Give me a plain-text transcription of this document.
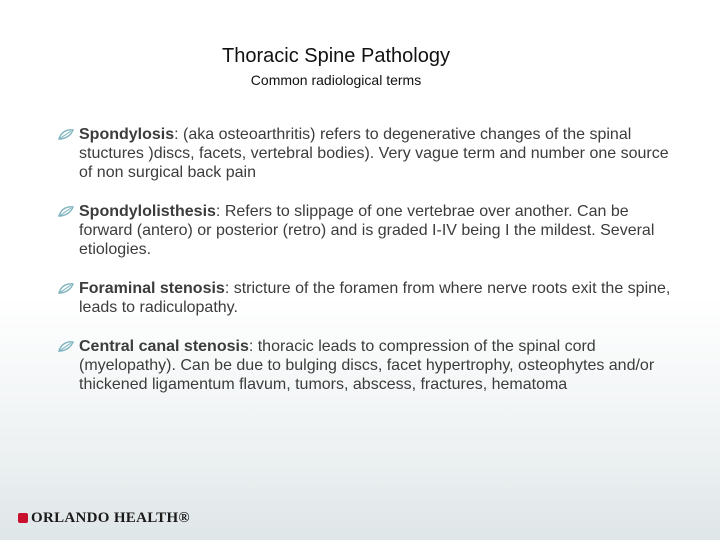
Thoracic Spine Pathology
Common radiological terms
Spondylosis: (aka osteoarthritis) refers to degenerative changes of the spinal stuctures )discs, facets, vertebral bodies). Very vague term and number one source of non surgical back pain
Spondylolisthesis: Refers to slippage of one vertebrae over another. Can be forward (antero) or posterior (retro) and is graded I-IV being I the mildest. Several etiologies.
Foraminal stenosis: stricture of the foramen from where nerve roots exit the spine, leads to radiculopathy.
Central canal stenosis: thoracic leads to compression of the spinal cord (myelopathy). Can be due to bulging discs, facet hypertrophy, osteophytes and/or thickened ligamentum flavum, tumors, abscess, fractures, hematoma
ORLANDO HEALTH®
